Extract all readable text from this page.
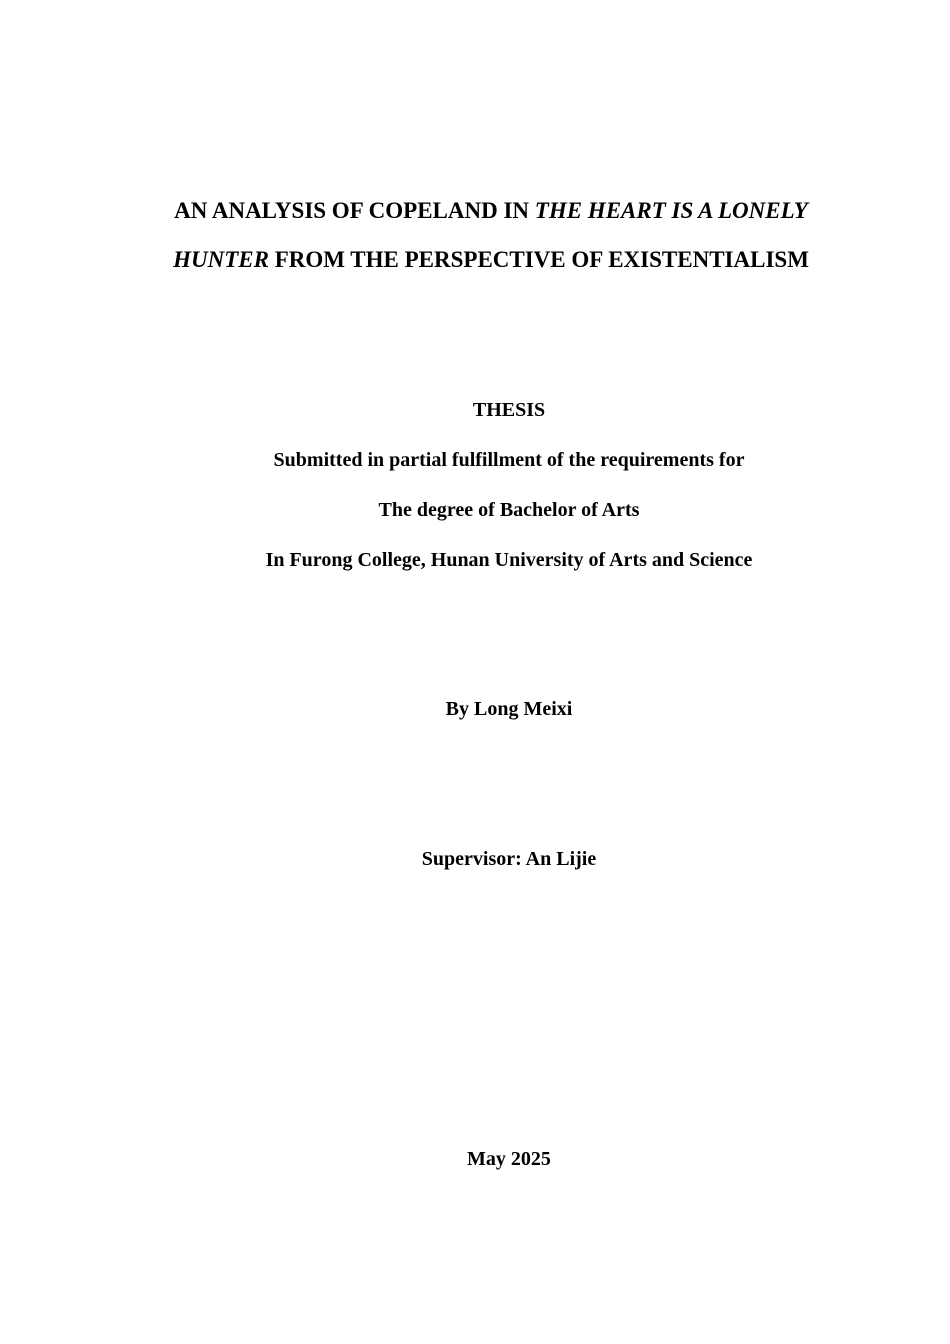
AN ANALYSIS OF COPELAND IN THE HEART IS A LONELY
HUNTER FROM THE PERSPECTIVE OF EXISTENTIALISM
THESIS
Submitted in partial fulfillment of the requirements for
The degree of Bachelor of Arts
In Furong College, Hunan University of Arts and Science
By Long Meixi
Supervisor: An Lijie
May 2025
